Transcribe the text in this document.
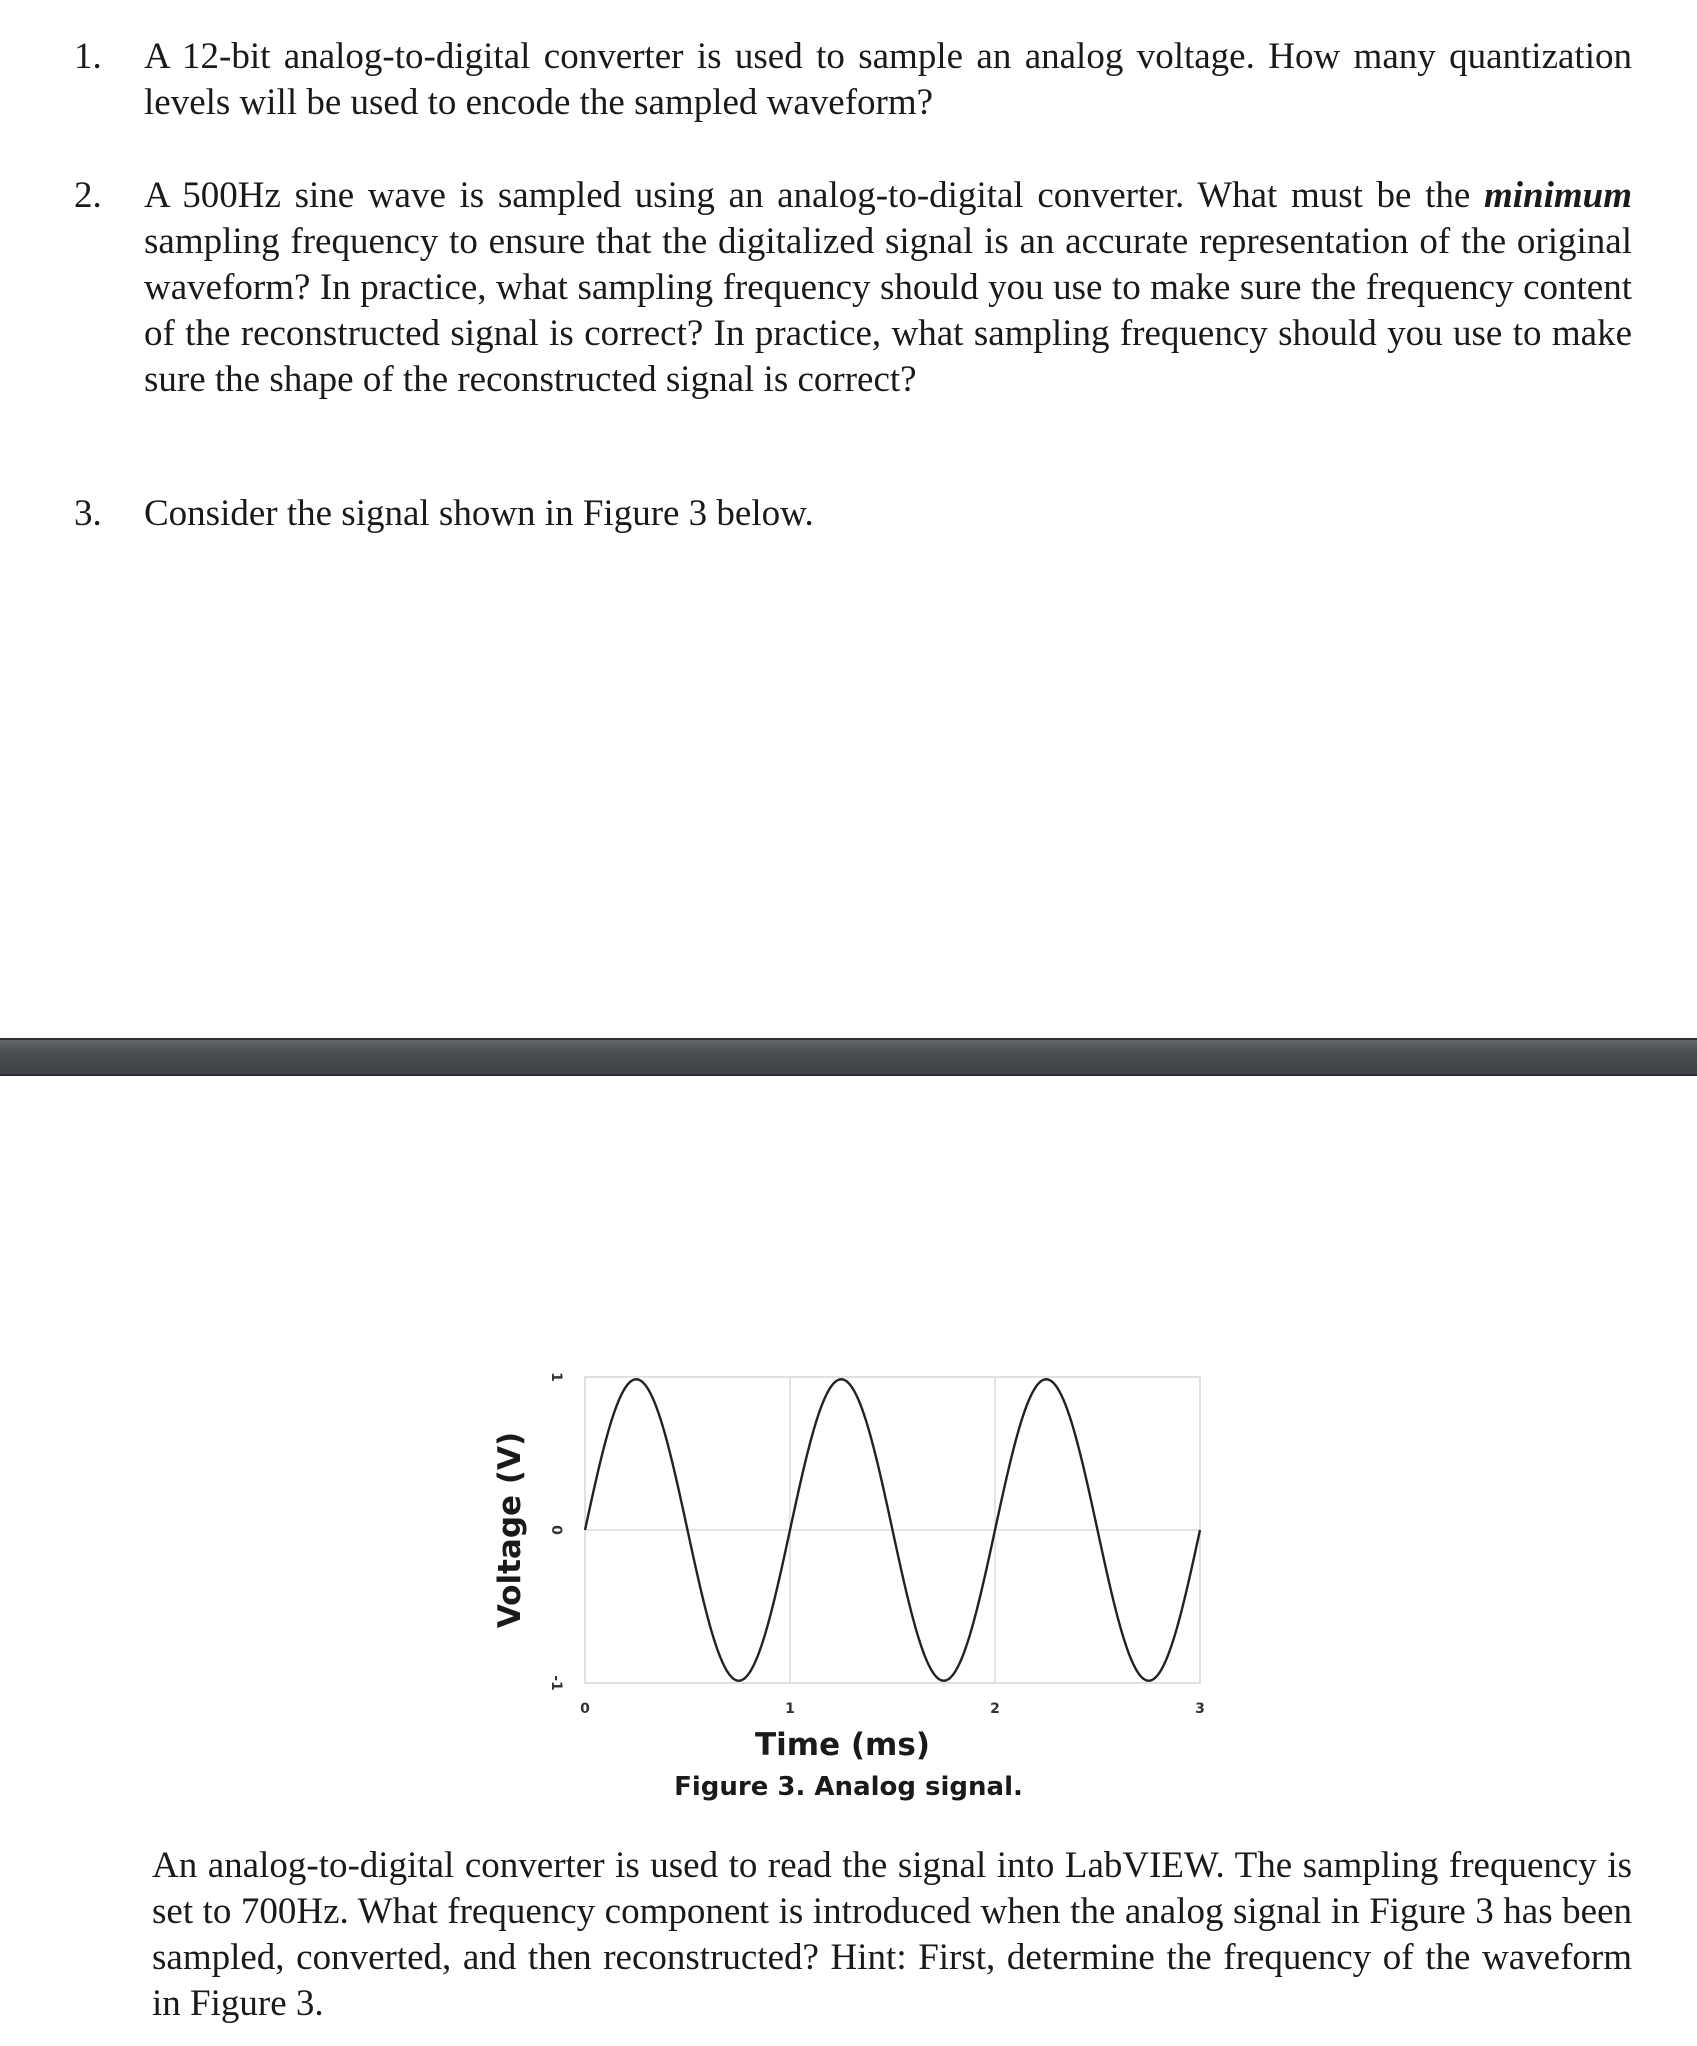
1. A 12-bit analog-to-digital converter is used to sample an analog voltage. How many quantization levels will be used to encode the sampled waveform?
2. A 500Hz sine wave is sampled using an analog-to-digital converter. What must be the minimum sampling frequency to ensure that the digitalized signal is an accurate representation of the original waveform? In practice, what sampling frequency should you use to make sure the frequency content of the reconstructed signal is correct? In practice, what sampling frequency should you use to make sure the shape of the reconstructed signal is correct?
3. Consider the signal shown in Figure 3 below.
0	1	2	3
-1
0
1
Time (ms)
Voltage (V)
Figure 3. Analog signal.
An analog-to-digital converter is used to read the signal into LabVIEW. The sampling frequency is set to 700Hz. What frequency component is introduced when the analog signal in Figure 3 has been sampled, converted, and then reconstructed? Hint: First, determine the frequency of the waveform in Figure 3.
